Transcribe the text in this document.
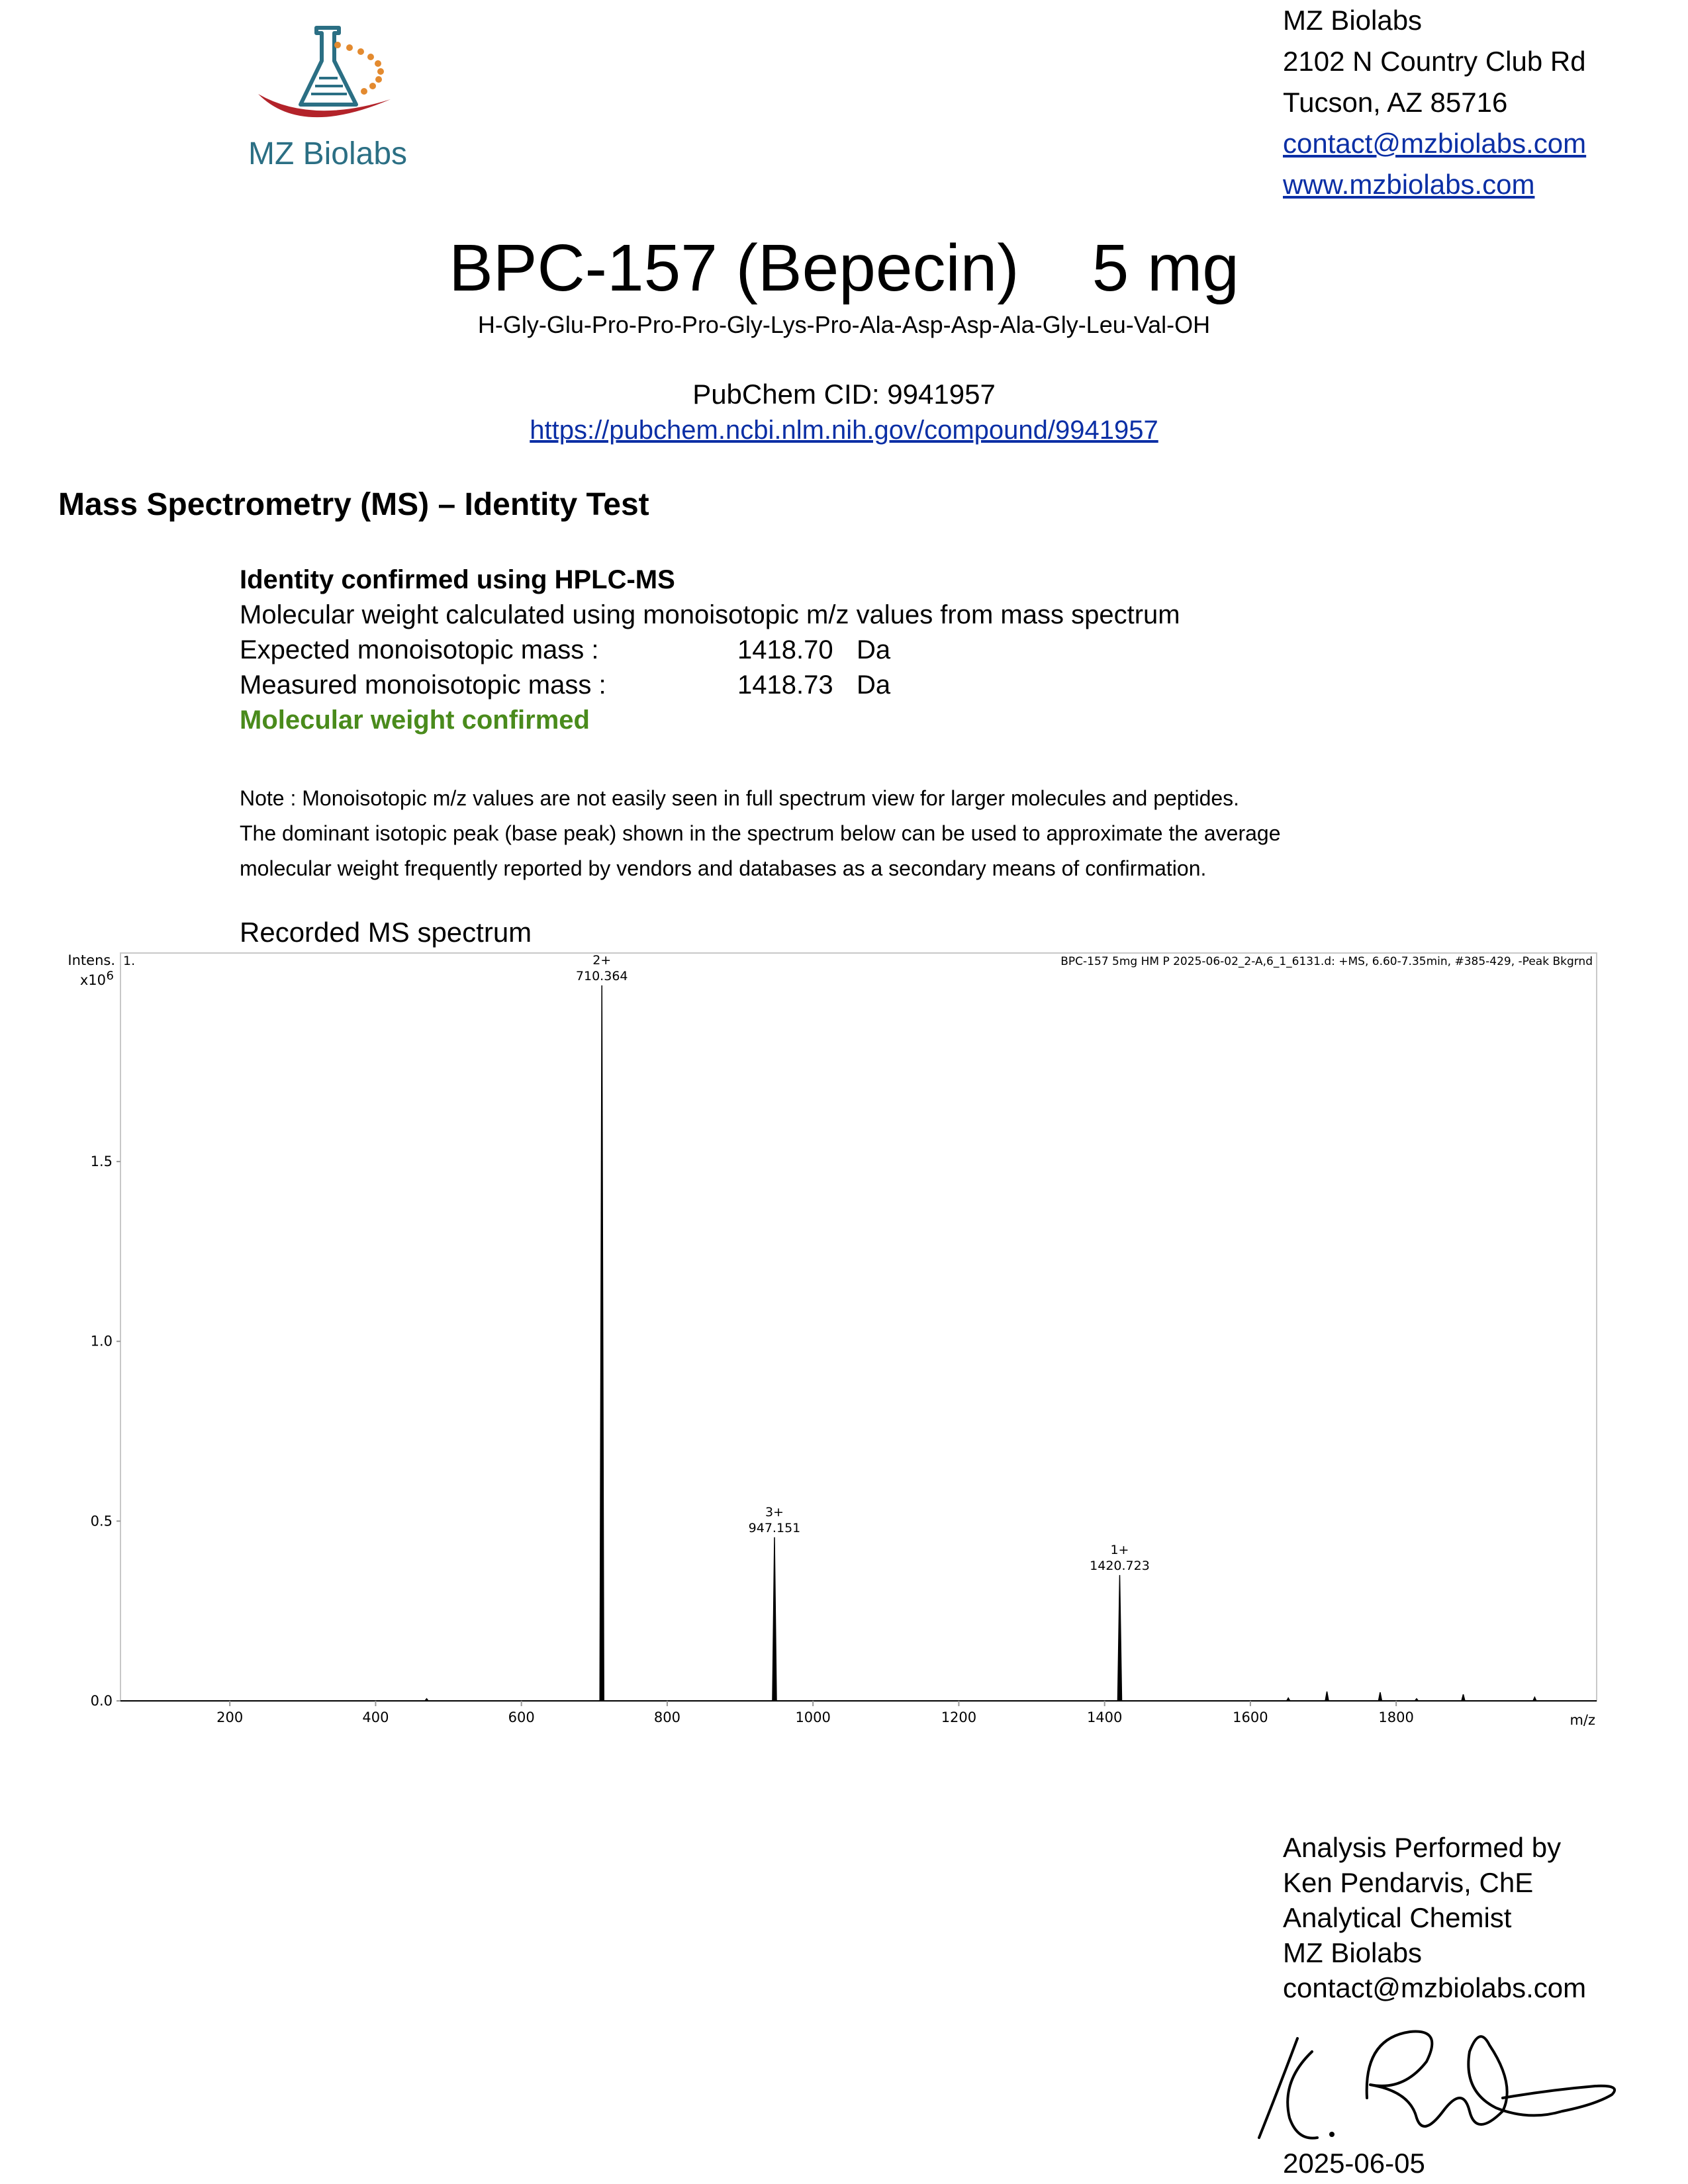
MZ Biolabs
MZ Biolabs
2102 N Country Club Rd
Tucson, AZ 85716
contact@mzbiolabs.com
www.mzbiolabs.com
BPC-157 (Bepecin) 5 mg
H-Gly-Glu-Pro-Pro-Pro-Gly-Lys-Pro-Ala-Asp-Asp-Ala-Gly-Leu-Val-OH
PubChem CID: 9941957
https://pubchem.ncbi.nlm.nih.gov/compound/9941957
Mass Spectrometry (MS) – Identity Test
Identity confirmed using HPLC-MS
Molecular weight calculated using monoisotopic m/z values from mass spectrum
Expected monoisotopic mass :	1418.70 Da
Measured monoisotopic mass :	1418.73 Da
Molecular weight confirmed
Note : Monoisotopic m/z values are not easily seen in full spectrum view for larger molecules and peptides.
The dominant isotopic peak (base peak) shown in the spectrum below can be used to approximate the average
molecular weight frequently reported by vendors and databases as a secondary means of confirmation.
Recorded MS spectrum
Intens.
x10 6
1.	BPC-157 5mg HM P 2025-06-02_2-A,6_1_6131.d: +MS, 6.60-7.35min, #385-429, -Peak Bkgrnd
m/z
200	400	600	800	1000	1200	1400	1600	1800
0.0
0.5
1.0
1.5
2+
710.364
3+
947.151
1+
1420.723
Analysis Performed by
Ken Pendarvis, ChE
Analytical Chemist
MZ Biolabs
contact@mzbiolabs.com
2025-06-05
